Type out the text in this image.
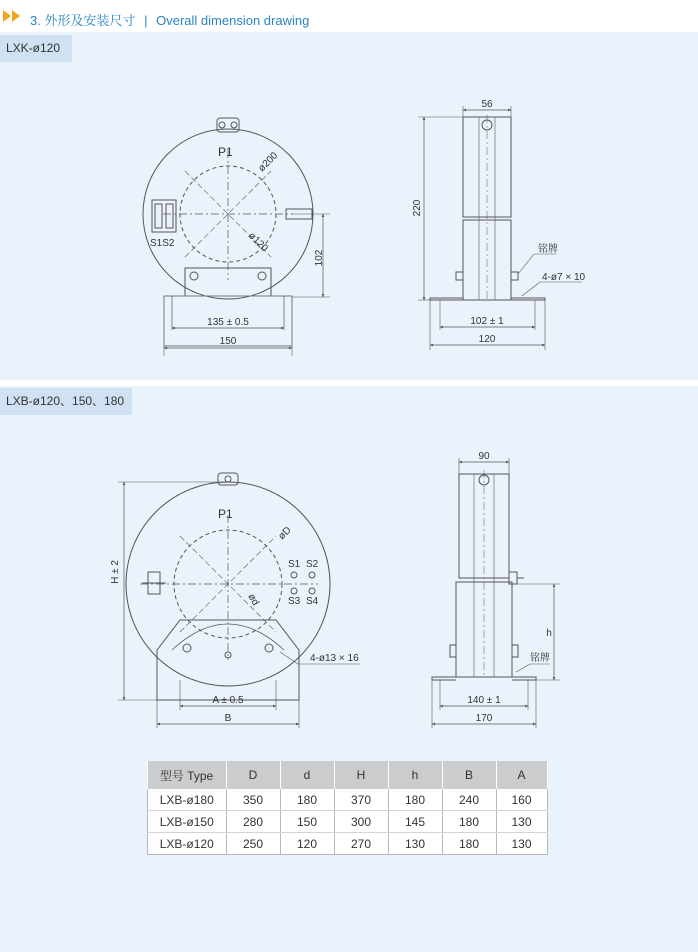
3. 外形及安装尺寸 | Overall dimension drawing
LXK-ø120
LXB-ø120、150、180
P1 ø200
ø120
S1S2
102
135 ± 0.5
150
56
220
铭牌
4-ø7 × 10
102 ± 1
120
P1
øD
ød
S1 S2
S3 S4
H ± 2
4-ø13 × 16
A ± 0.5
B
90
h
铭牌
140 ± 1
170
型号 Type	D	d	H	h	B	A
LXB-ø180	350	180	370	180	240	160
LXB-ø150	280	150	300	145	180	130
LXB-ø120	250	120	270	130	180	130
